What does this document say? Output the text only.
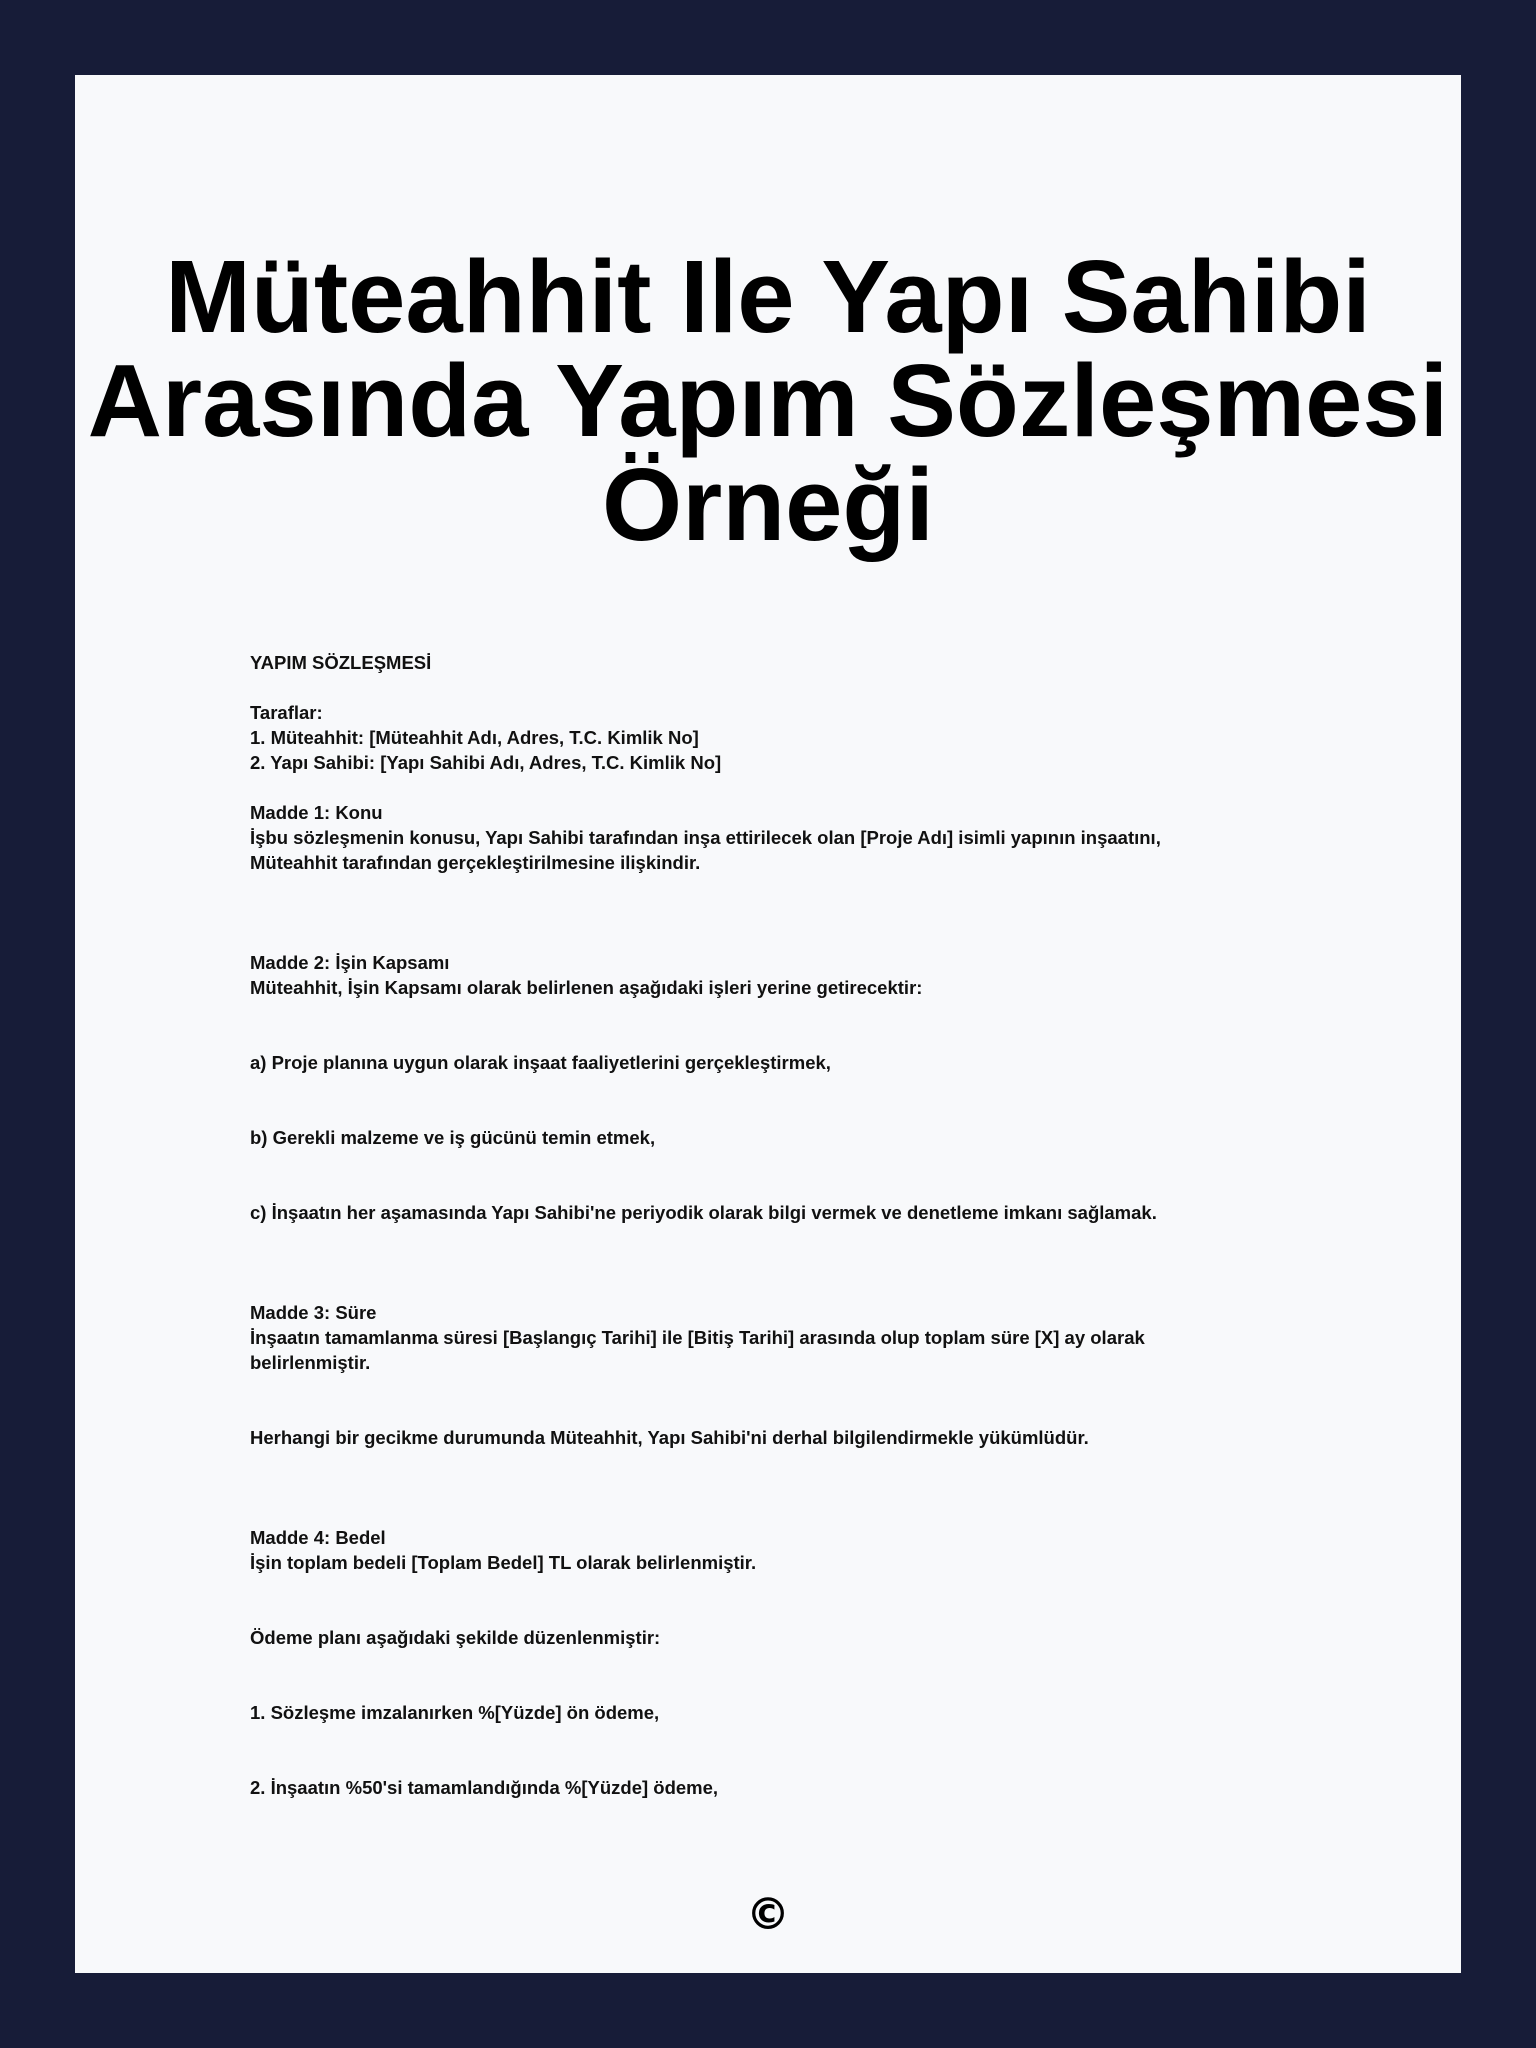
Müteahhit Ile Yapı Sahibi
Arasında Yapım Sözleşmesi
Örneği

YAPIM SÖZLEŞMESİ

Taraflar:

1. Müteahhit: [Müteahhit Adı, Adres, T.C. Kimlik No]

2. Yapı Sahibi: [Yapı Sahibi Adı, Adres, T.C. Kimlik No]

Madde 1: Konu

İşbu sözleşmenin konusu, Yapı Sahibi tarafından inşa ettirilecek olan [Proje Adı] isimli yapının inşaatını,

Müteahhit tarafından gerçekleştirilmesine ilişkindir.

Madde 2: İşin Kapsamı

Müteahhit, İşin Kapsamı olarak belirlenen aşağıdaki işleri yerine getirecektir:

a) Proje planına uygun olarak inşaat faaliyetlerini gerçekleştirmek,

b) Gerekli malzeme ve iş gücünü temin etmek,

c) İnşaatın her aşamasında Yapı Sahibi'ne periyodik olarak bilgi vermek ve denetleme imkanı sağlamak.

Madde 3: Süre

İnşaatın tamamlanma süresi [Başlangıç Tarihi] ile [Bitiş Tarihi] arasında olup toplam süre [X] ay olarak

belirlenmiştir.

Herhangi bir gecikme durumunda Müteahhit, Yapı Sahibi'ni derhal bilgilendirmekle yükümlüdür.

Madde 4: Bedel

İşin toplam bedeli [Toplam Bedel] TL olarak belirlenmiştir.

Ödeme planı aşağıdaki şekilde düzenlenmiştir:

1. Sözleşme imzalanırken %[Yüzde] ön ödeme,

2. İnşaatın %50'si tamamlandığında %[Yüzde] ödeme,

©
